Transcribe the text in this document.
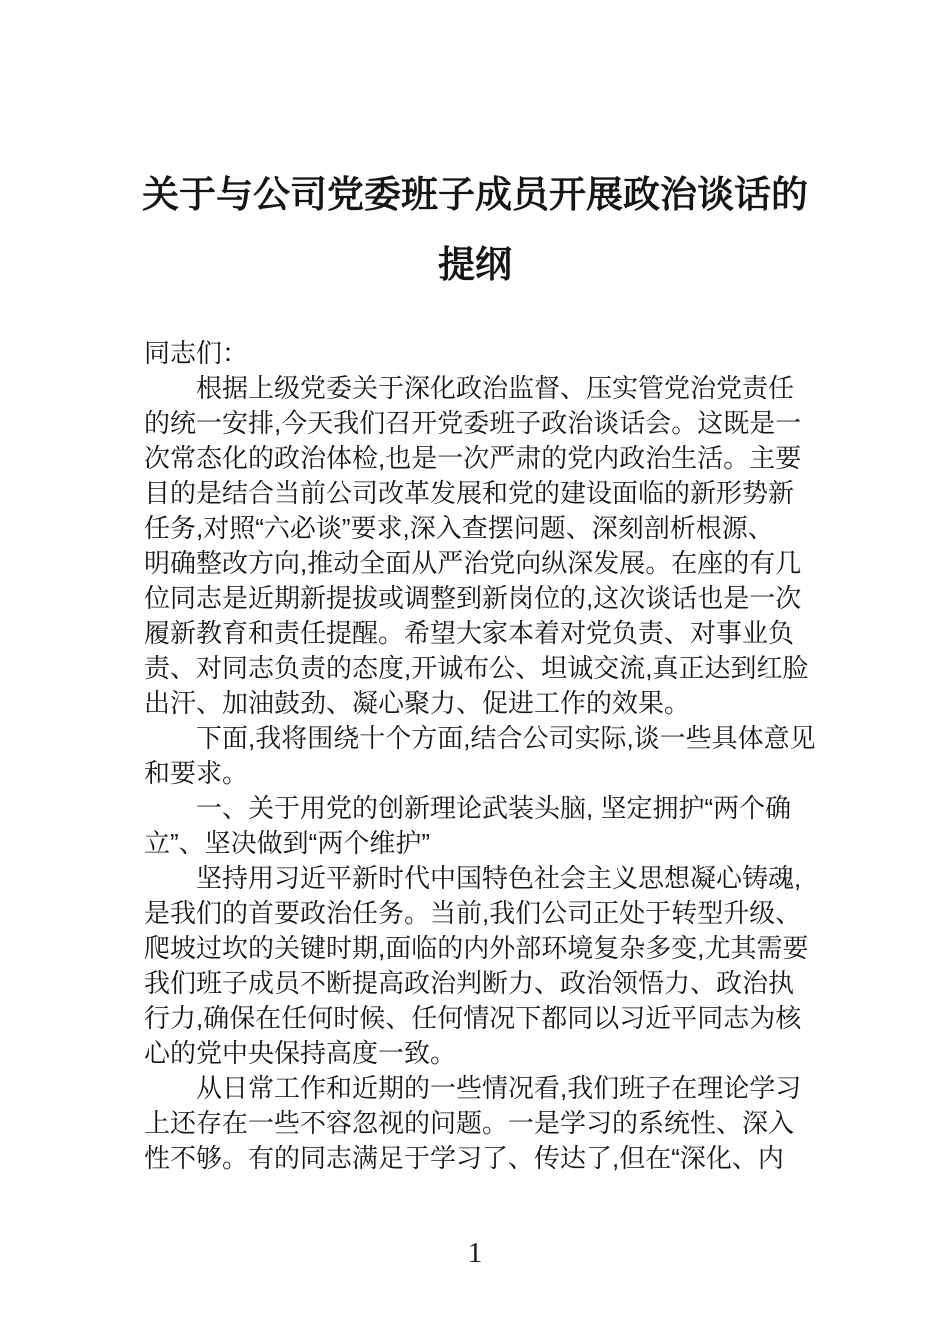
关于与公司党委班子成员开展政治谈话的
提纲
同志们：
根据上级党委关于深化政治监督、压实管党治党责任
的统一安排,今天我们召开党委班子政治谈话会。这既是一
次常态化的政治体检,也是一次严肃的党内政治生活。主要
目的是结合当前公司改革发展和党的建设面临的新形势新
任务,对照“六必谈”要求,深入查摆问题、深刻剖析根源、
明确整改方向,推动全面从严治党向纵深发展。在座的有几
位同志是近期新提拔或调整到新岗位的,这次谈话也是一次
履新教育和责任提醒。希望大家本着对党负责、对事业负
责、对同志负责的态度,开诚布公、坦诚交流,真正达到红脸
出汗、加油鼓劲、凝心聚力、促进工作的效果。
下面,我将围绕十个方面,结合公司实际,谈一些具体意见
和要求。
一、关于用党的创新理论武装头脑, 坚定拥护“两个确
立”、坚决做到“两个维护”
坚持用习近平新时代中国特色社会主义思想凝心铸魂,
是我们的首要政治任务。当前,我们公司正处于转型升级、
爬坡过坎的关键时期,面临的内外部环境复杂多变,尤其需要
我们班子成员不断提高政治判断力、政治领悟力、政治执
行力,确保在任何时候、任何情况下都同以习近平同志为核
心的党中央保持高度一致。
从日常工作和近期的一些情况看,我们班子在理论学习
上还存在一些不容忽视的问题。一是学习的系统性、深入
性不够。有的同志满足于学习了、传达了,但在“深化、内
1
